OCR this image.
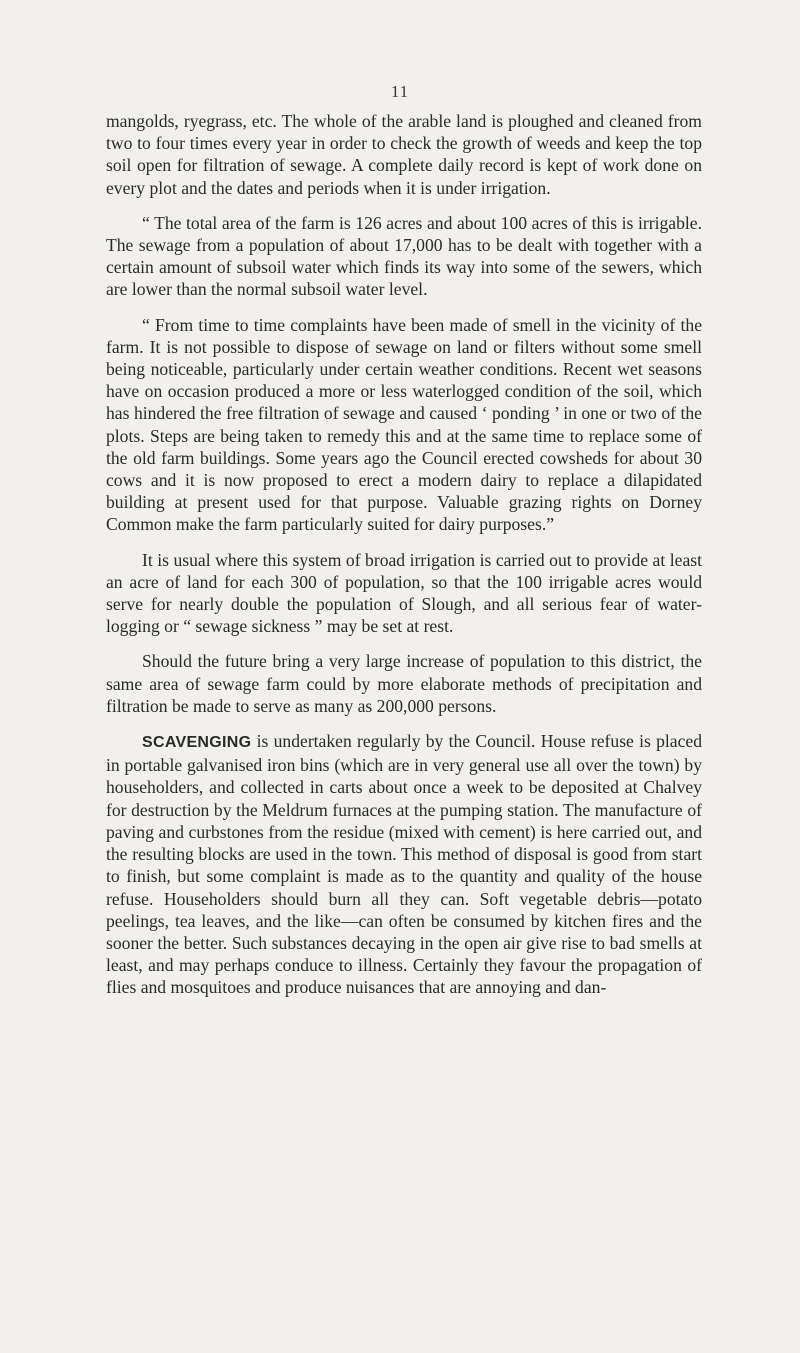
11

mangolds, ryegrass, etc. The whole of the arable land is ploughed and cleaned from two to four times every year in order to check the growth of weeds and keep the top soil open for filtration of sewage. A complete daily record is kept of work done on every plot and the dates and periods when it is under irrigation.

“ The total area of the farm is 126 acres and about 100 acres of this is irrigable. The sewage from a population of about 17,000 has to be dealt with together with a certain amount of subsoil water which finds its way into some of the sewers, which are lower than the normal subsoil water level.

“ From time to time complaints have been made of smell in the vicinity of the farm. It is not possible to dispose of sewage on land or filters without some smell being noticeable, particularly under certain weather conditions. Recent wet seasons have on occasion produced a more or less waterlogged condition of the soil, which has hindered the free filtration of sewage and caused ‘ ponding ’ in one or two of the plots. Steps are being taken to remedy this and at the same time to replace some of the old farm buildings. Some years ago the Council erected cowsheds for about 30 cows and it is now proposed to erect a modern dairy to replace a dilapidated building at present used for that purpose. Valuable grazing rights on Dorney Common make the farm particularly suited for dairy purposes.”

It is usual where this system of broad irrigation is carried out to provide at least an acre of land for each 300 of population, so that the 100 irrigable acres would serve for nearly double the population of Slough, and all serious fear of water-logging or “ sewage sickness ” may be set at rest.

Should the future bring a very large increase of population to this district, the same area of sewage farm could by more elaborate methods of precipitation and filtration be made to serve as many as 200,000 persons.

SCAVENGING is undertaken regularly by the Council. House refuse is placed in portable galvanised iron bins (which are in very general use all over the town) by householders, and collected in carts about once a week to be deposited at Chalvey for destruction by the Meldrum furnaces at the pumping station. The manufacture of paving and curbstones from the residue (mixed with cement) is here carried out, and the resulting blocks are used in the town. This method of disposal is good from start to finish, but some complaint is made as to the quantity and quality of the house refuse. Householders should burn all they can. Soft vegetable debris—potato peelings, tea leaves, and the like—can often be consumed by kitchen fires and the sooner the better. Such substances decaying in the open air give rise to bad smells at least, and may perhaps conduce to illness. Certainly they favour the propagation of flies and mosquitoes and produce nuisances that are annoying and dan-
